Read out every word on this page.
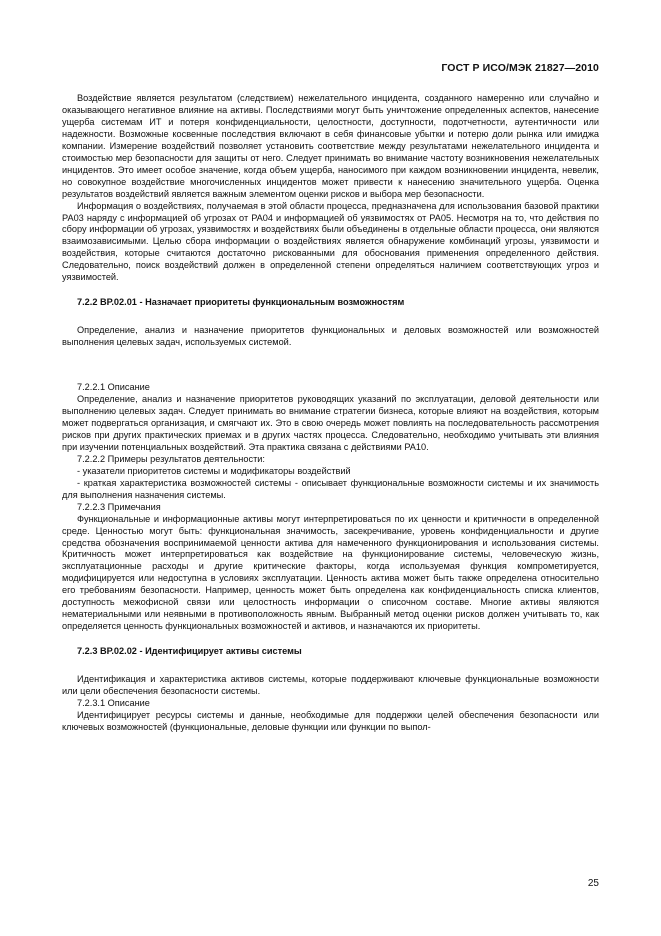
ГОСТ Р ИСО/МЭК 21827—2010

Воздействие является результатом (следствием) нежелательного инцидента, созданного намеренно или случайно и оказывающего негативное влияние на активы. Последствиями могут быть уничтожение определенных аспектов, нанесение ущерба системам ИТ и потеря конфиденциальности, целостности, доступности, подотчетности, аутентичности или надежности. Возможные косвенные последствия включают в себя финансовые убытки и потерю доли рынка или имиджа компании. Измерение воздействий позволяет установить соответствие между результатами нежелательного инцидента и стоимостью мер безопасности для защиты от него. Следует принимать во внимание частоту возникновения нежелательных инцидентов. Это имеет особое значение, когда объем ущерба, наносимого при каждом возникновении инцидента, невелик, но совокупное воздействие многочисленных инцидентов может привести к нанесению значительного ущерба. Оценка результатов воздействий является важным элементом оценки рисков и выбора мер безопасности.

Информация о воздействиях, получаемая в этой области процесса, предназначена для использования базовой практики PA03 наряду с информацией об угрозах от PA04 и информацией об уязвимостях от PA05. Несмотря на то, что действия по сбору информации об угрозах, уязвимостях и воздействиях были объединены в отдельные области процесса, они являются взаимозависимыми. Целью сбора информации о воздействиях является обнаружение комбинаций угрозы, уязвимости и воздействия, которые считаются достаточно рискованными для обоснования применения определенного действия. Следовательно, поиск воздействий должен в определенной степени определяться наличием соответствующих угроз и уязвимостей.

7.2.2 ВР.02.01 - Назначает приоритеты функциональным возможностям

Определение, анализ и назначение приоритетов функциональных и деловых возможностей или возможностей выполнения целевых задач, используемых системой.

7.2.2.1 Описание

Определение, анализ и назначение приоритетов руководящих указаний по эксплуатации, деловой деятельности или выполнению целевых задач. Следует принимать во внимание стратегии бизнеса, которые влияют на воздействия, которым может подвергаться организация, и смягчают их. Это в свою очередь может повлиять на последовательность рассмотрения рисков при других практических приемах и в других частях процесса. Следовательно, необходимо учитывать эти влияния при изучении потенциальных воздействий. Эта практика связана с действиями PA10.

7.2.2.2 Примеры результатов деятельности:

- указатели приоритетов системы и модификаторы воздействий

- краткая характеристика возможностей системы - описывает функциональные возможности системы и их значимость для выполнения назначения системы.

7.2.2.3 Примечания

Функциональные и информационные активы могут интерпретироваться по их ценности и критичности в определенной среде. Ценностью могут быть: функциональная значимость, засекречивание, уровень конфиденциальности и другие средства обозначения воспринимаемой ценности актива для намеченного функционирования и использования системы. Критичность может интерпретироваться как воздействие на функционирование системы, человеческую жизнь, эксплуатационные расходы и другие критические факторы, когда используемая функция компрометируется, модифицируется или недоступна в условиях эксплуатации. Ценность актива может быть также определена относительно его требованиям безопасности. Например, ценность может быть определена как конфиденциальность списка клиентов, доступность межофисной связи или целостность информации о списочном составе. Многие активы являются нематериальными или неявными в противоположность явным. Выбранный метод оценки рисков должен учитывать то, как определяется ценность функциональных возможностей и активов, и назначаются их приоритеты.

7.2.3 ВР.02.02 - Идентифицирует активы системы

Идентификация и характеристика активов системы, которые поддерживают ключевые функциональные возможности или цели обеспечения безопасности системы.

7.2.3.1 Описание

Идентифицирует ресурсы системы и данные, необходимые для поддержки целей обеспечения безопасности или ключевых возможностей (функциональные, деловые функции или функции по выпол-

25
